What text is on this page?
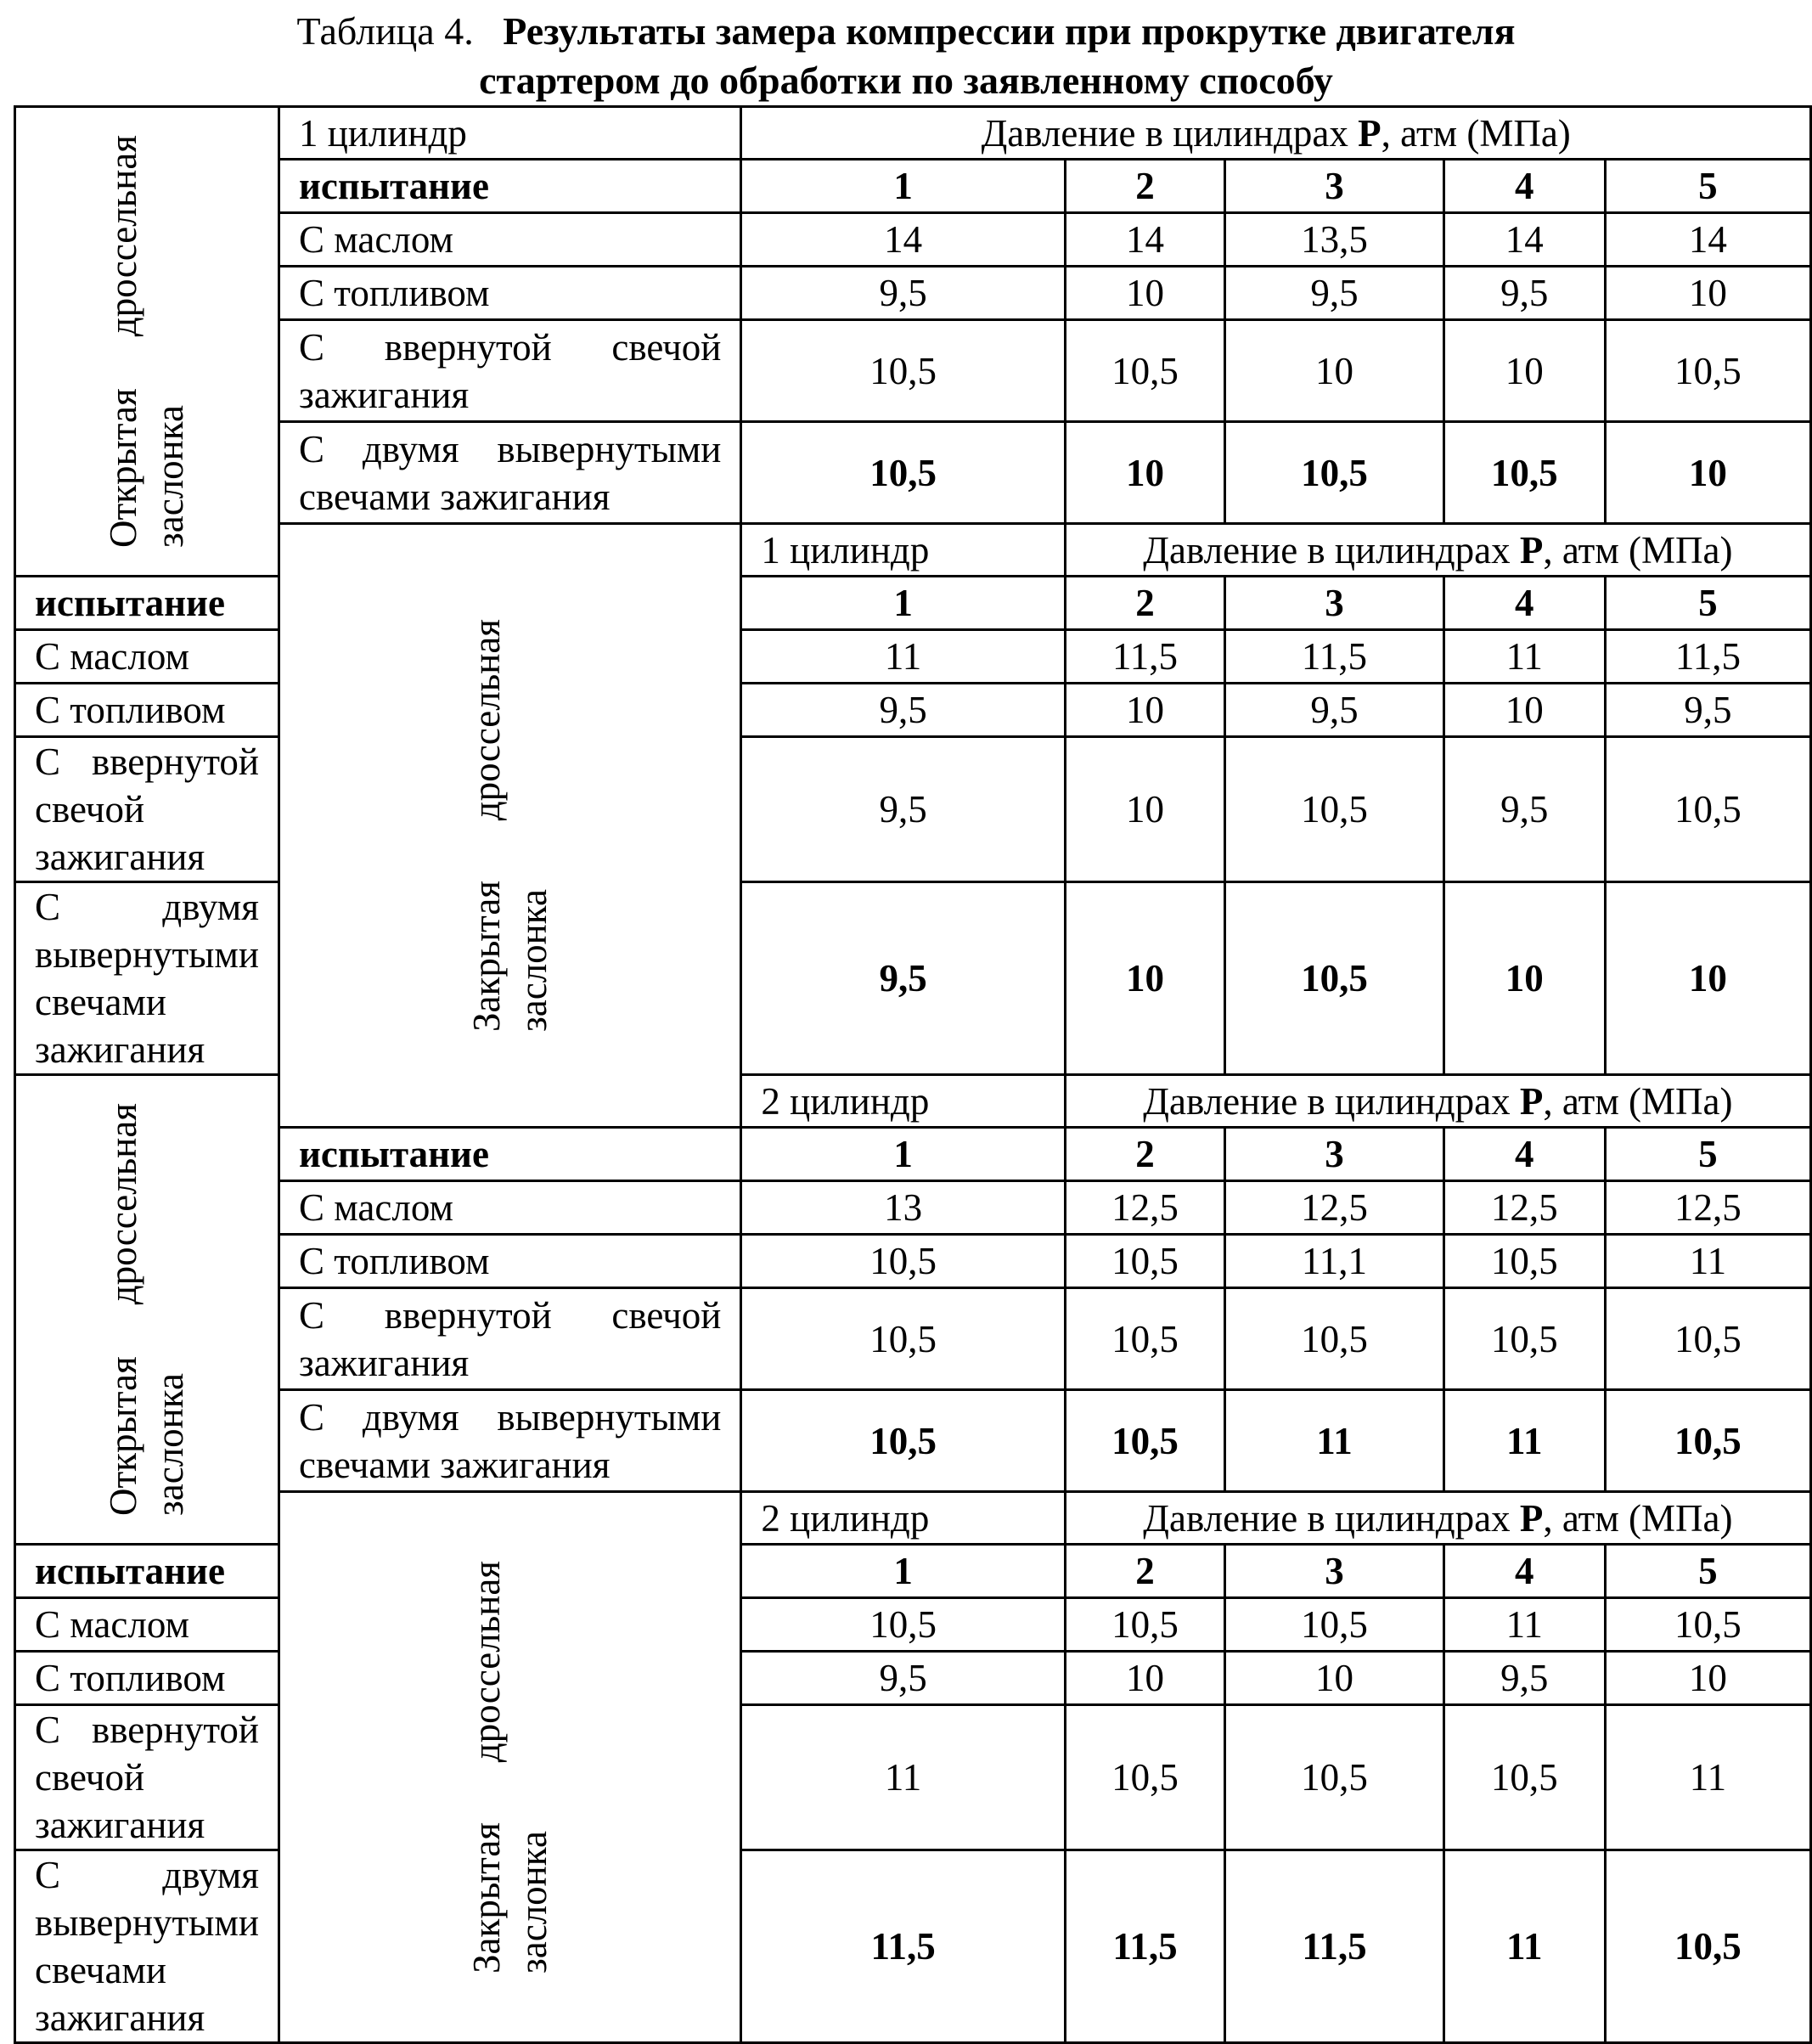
Таблица 4. Результаты замера компрессии при прокрутке двигателя
стартером до обработки по заявленному способу
Открытая дроссельная заслонка	1 цилиндр	Давление в цилиндрах Р, атм (МПа)				
	испытание	1	2	3	4	5
	С маслом	14	14	13,5	14	14
	С топливом	9,5	10	9,5	9,5	10

	С ввернутой свечой
зажигания	10,5	10,5	10	10	10,5

	С двумя вывернутыми
свечами зажигания	10,5	10	10,5	10,5	10

	Закрытая дроссельная заслонка	1 цилиндр	Давление в цилиндрах Р, атм (МПа)			
испытание		1	2	3	4	5
С маслом		11	11,5	11,5	11	11,5
С топливом		9,5	10	9,5	10	9,5

С ввернутой свечой
зажигания		9,5	10	10,5	9,5	10,5

С двумя вывернутыми
свечами зажигания		9,5	10	10,5	10	10

Открытая дроссельная заслонка		2 цилиндр	Давление в цилиндрах Р, атм (МПа)			
	испытание	1	2	3	4	5
	С маслом	13	12,5	12,5	12,5	12,5
	С топливом	10,5	10,5	11,1	10,5	11

	С ввернутой свечой
зажигания	10,5	10,5	10,5	10,5	10,5

	С двумя вывернутыми
свечами зажигания	10,5	10,5	11	11	10,5

	Закрытая дроссельная заслонка	2 цилиндр	Давление в цилиндрах Р, атм (МПа)			
испытание		1	2	3	4	5
С маслом		10,5	10,5	10,5	11	10,5
С топливом		9,5	10	10	9,5	10

С ввернутой свечой
зажигания		11	10,5	10,5	10,5	11

С двумя вывернутыми
свечами зажигания		11,5	11,5	11,5	11	10,5
